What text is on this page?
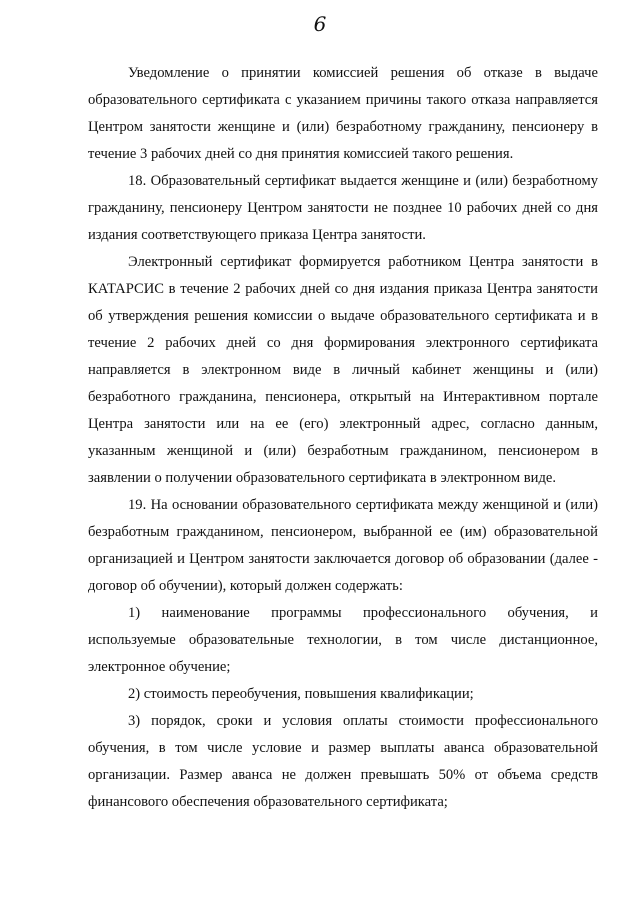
6

Уведомление о принятии комиссией решения об отказе в выдаче образовательного сертификата с указанием причины такого отказа направляется Центром занятости женщине и (или) безработному гражданину, пенсионеру в течение 3 рабочих дней со дня принятия комиссией такого решения.

18. Образовательный сертификат выдается женщине и (или) безработному гражданину, пенсионеру Центром занятости не позднее 10 рабочих дней со дня издания соответствующего приказа Центра занятости.

Электронный сертификат формируется работником Центра занятости в КАТАРСИС в течение 2 рабочих дней со дня издания приказа Центра занятости об утверждения решения комиссии о выдаче образовательного сертификата и в течение 2 рабочих дней со дня формирования электронного сертификата направляется в электронном виде в личный кабинет женщины и (или) безработного гражданина, пенсионера, открытый на Интерактивном портале Центра занятости или на ее (его) электронный адрес, согласно данным, указанным женщиной и (или) безработным гражданином, пенсионером в заявлении о получении образовательного сертификата в электронном виде.

19. На основании образовательного сертификата между женщиной и (или) безработным гражданином, пенсионером, выбранной ее (им) образовательной организацией и Центром занятости заключается договор об образовании (далее - договор об обучении), который должен содержать:

1) наименование программы профессионального обучения, и используемые образовательные технологии, в том числе дистанционное, электронное обучение;

2) стоимость переобучения, повышения квалификации;

3) порядок, сроки и условия оплаты стоимости профессионального обучения, в том числе условие и размер выплаты аванса образовательной организации. Размер аванса не должен превышать 50% от объема средств финансового обеспечения образовательного сертификата;
